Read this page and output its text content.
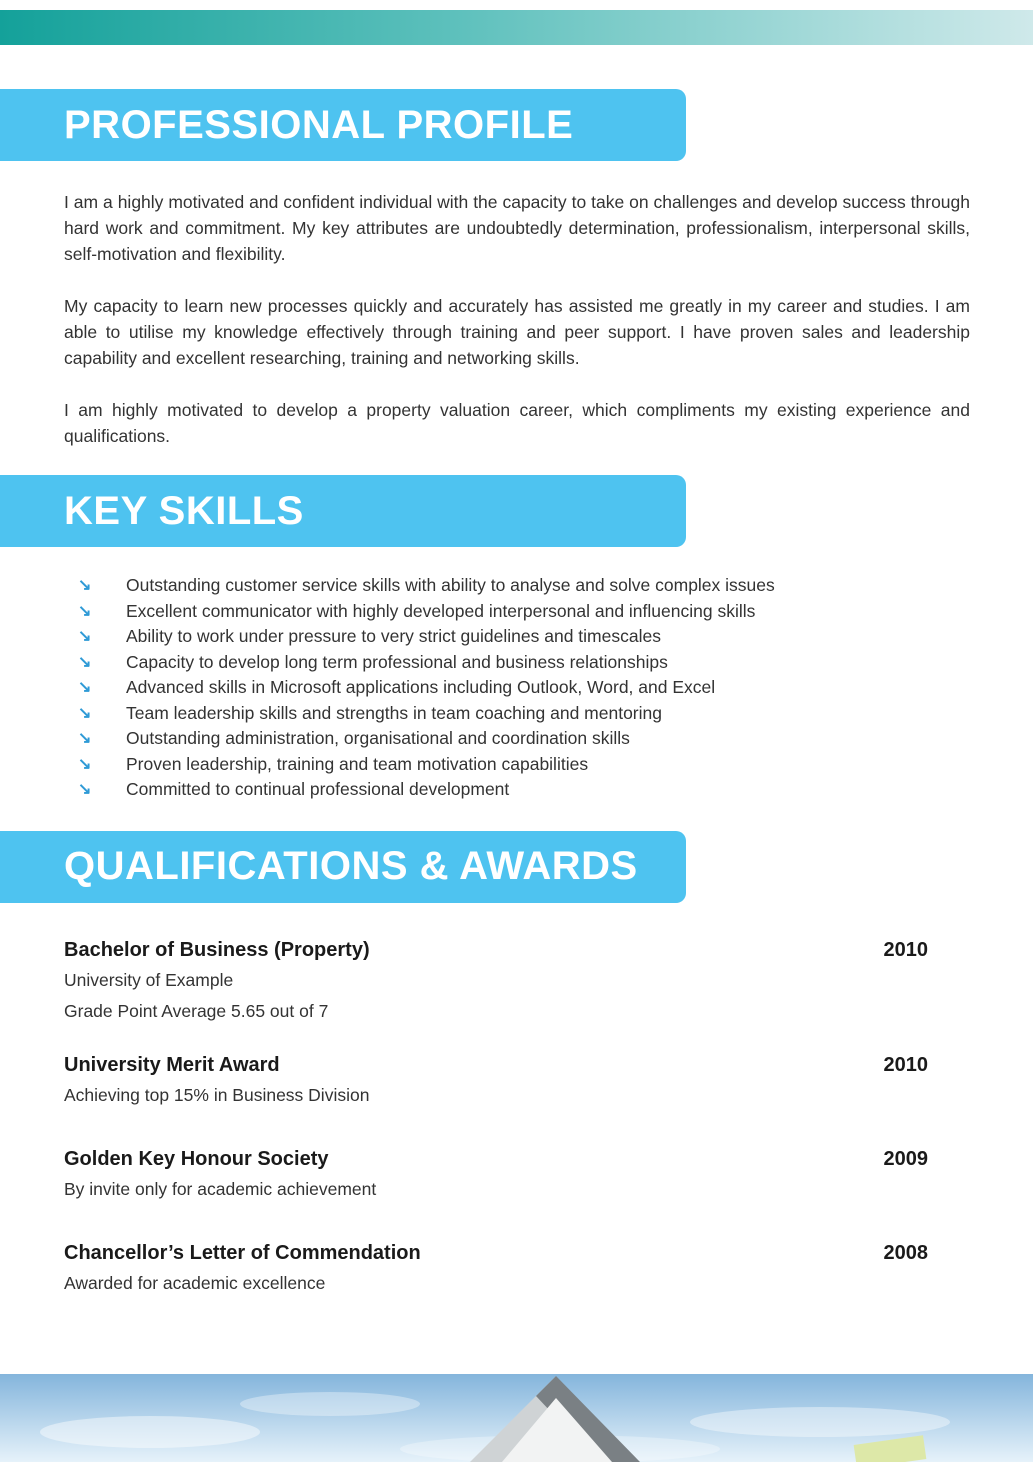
PROFESSIONAL PROFILE

I am a highly motivated and confident individual with the capacity to take on challenges and develop success through hard work and commitment. My key attributes are undoubtedly determination, professionalism, interpersonal skills, self-motivation and flexibility.

My capacity to learn new processes quickly and accurately has assisted me greatly in my career and studies. I am able to utilise my knowledge effectively through training and peer support. I have proven sales and leadership capability and excellent researching, training and networking skills.

I am highly motivated to develop a property valuation career, which compliments my existing experience and qualifications.

KEY SKILLS
↘	Outstanding customer service skills with ability to analyse and solve complex issues
↘	Excellent communicator with highly developed interpersonal and influencing skills
↘	Ability to work under pressure to very strict guidelines and timescales
↘	Capacity to develop long term professional and business relationships
↘	Advanced skills in Microsoft applications including Outlook, Word, and Excel
↘	Team leadership skills and strengths in team coaching and mentoring
↘	Outstanding administration, organisational and coordination skills
↘	Proven leadership, training and team motivation capabilities
↘	Committed to continual professional development
QUALIFICATIONS & AWARDS
Bachelor of Business (Property)	2010
University of Example
Grade Point Average 5.65 out of 7
University Merit Award	2010
Achieving top 15% in Business Division
Golden Key Honour Society	2009
By invite only for academic achievement
Chancellor’s Letter of Commendation	2008
Awarded for academic excellence
